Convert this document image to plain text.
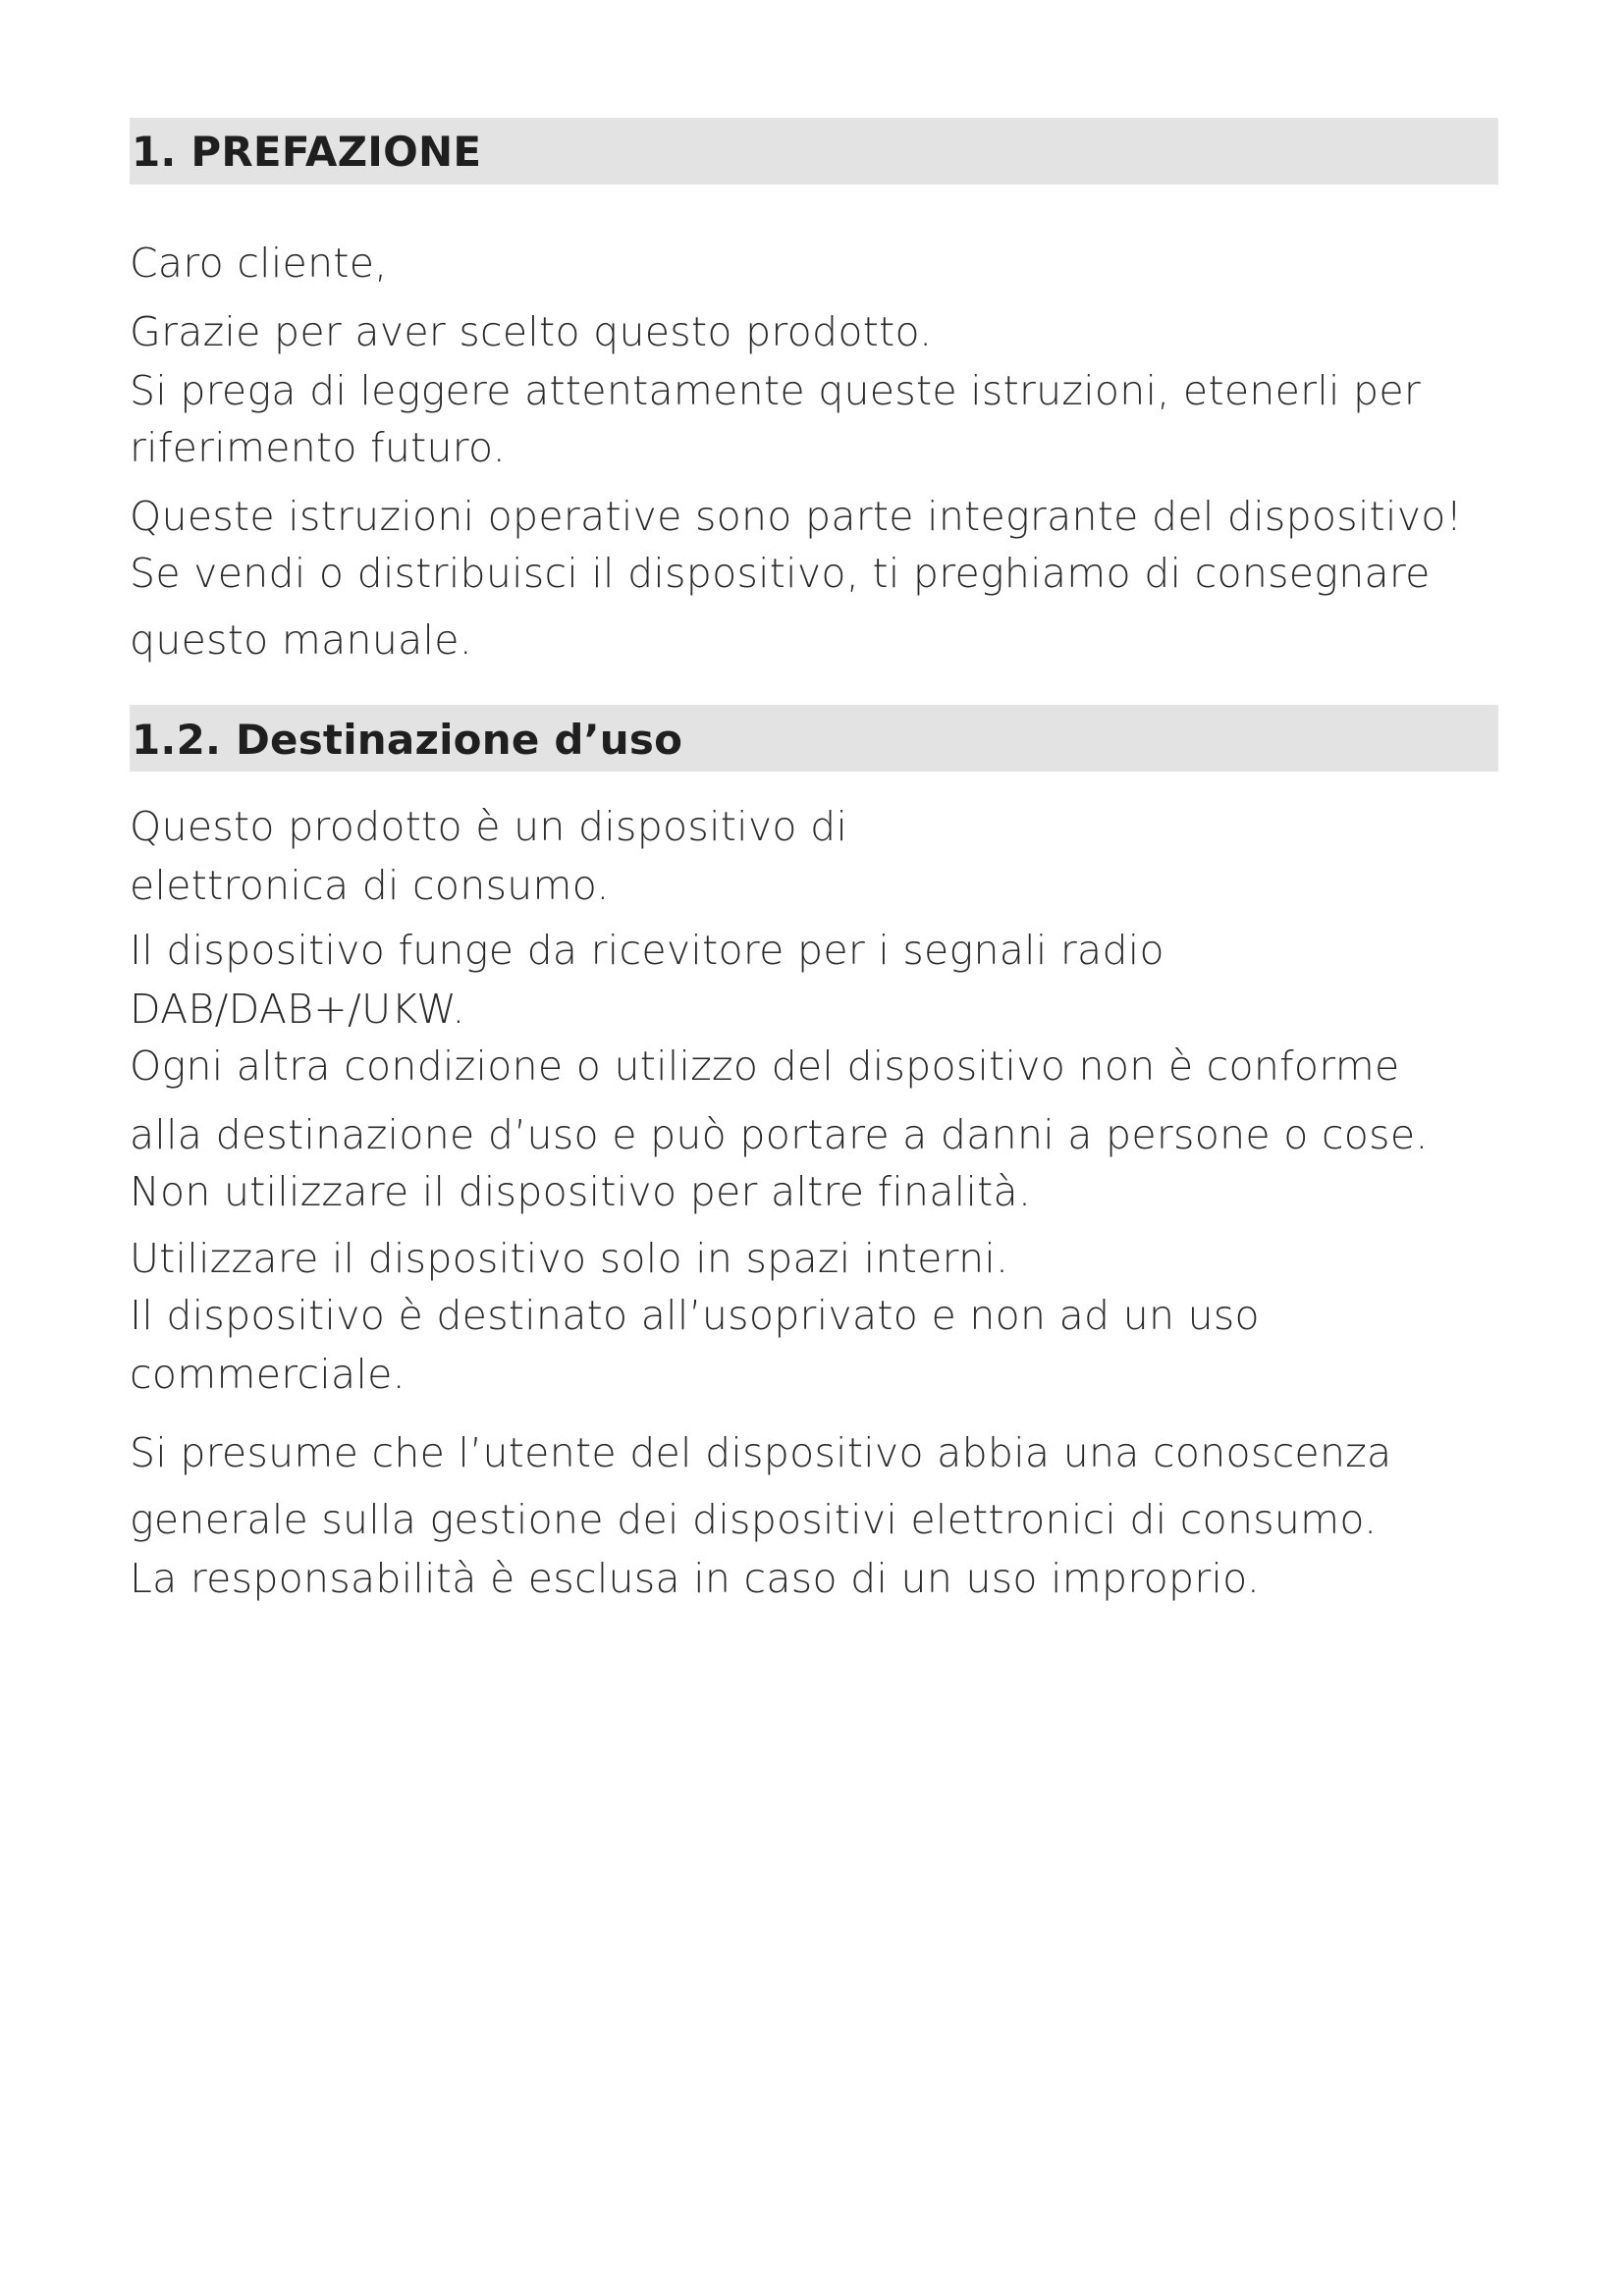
1. PREFAZIONE
Caro cliente,
Grazie per aver scelto questo prodotto.
Si prega di leggere attentamente queste istruzioni, etenerli per
riferimento futuro.
Queste istruzioni operative sono parte integrante del dispositivo!
Se vendi o distribuisci il dispositivo, ti preghiamo di consegnare
questo manuale.
1.2. Destinazione d’uso
Questo prodotto è un dispositivo di
elettronica di consumo.
Il dispositivo funge da ricevitore per i segnali radio
DAB/DAB+/UKW.
Ogni altra condizione o utilizzo del dispositivo non è conforme
alla destinazione d’uso e può portare a danni a persone o cose.
Non utilizzare il dispositivo per altre finalità.
Utilizzare il dispositivo solo in spazi interni.
Il dispositivo è destinato all’usoprivato e non ad un uso
commerciale.
Si presume che l’utente del dispositivo abbia una conoscenza
generale sulla gestione dei dispositivi elettronici di consumo.
La responsabilità è esclusa in caso di un uso improprio.
